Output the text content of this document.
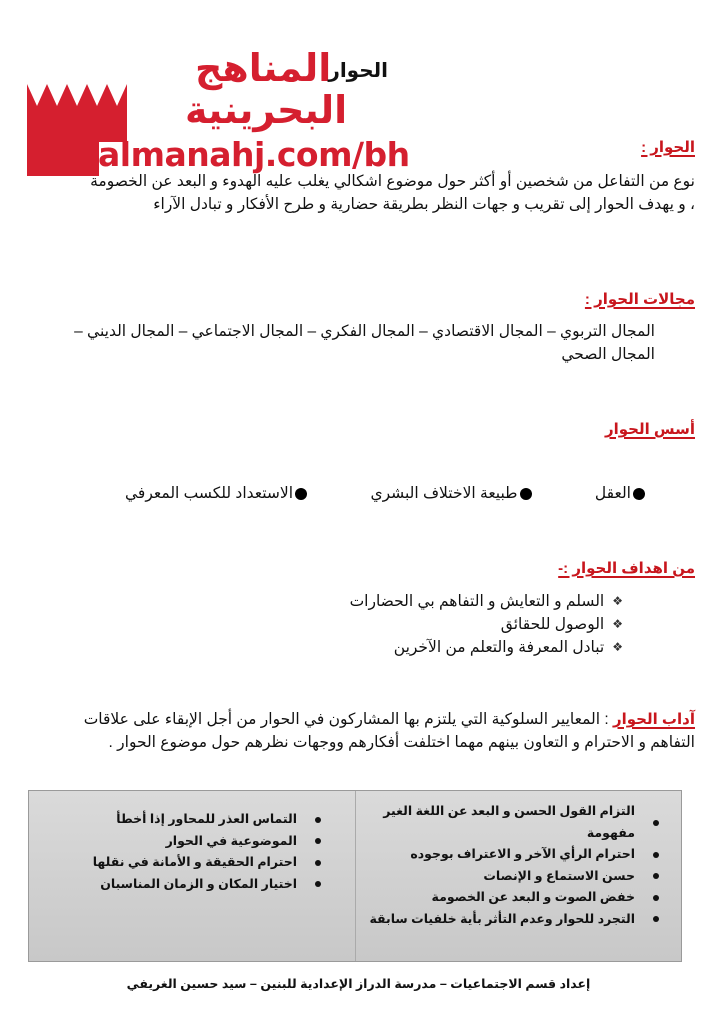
المناهج
البحرينية
almanahj.com/bh
الحوار
الحوار :
نوع من التفاعل من شخصين أو أكثر حول موضوع اشكالي يغلب عليه الهدوء و البعد عن الخصومة ، و يهدف الحوار إلى تقريب و جهات النظر بطريقة حضارية و طرح الأفكار و تبادل الآراء
مجالات الحوار :
المجال التربوي – المجال الاقتصادي – المجال الفكري – المجال الاجتماعي – المجال الديني – المجال الصحي
أسس الحوار
العقل
طبيعة الاختلاف البشري
الاستعداد للكسب المعرفي
من اهداف الحوار :-
❖
السلم و التعايش و التفاهم بي الحضارات
❖
الوصول للحقائق
❖
تبادل المعرفة والتعلم من الآخرين
آداب الحوار : المعايير السلوكية التي يلتزم بها المشاركون في الحوار من أجل الإبقاء على علاقات التفاهم و الاحترام و التعاون بينهم مهما اختلفت أفكارهم ووجهات نظرهم حول موضوع الحوار .
التزام القول الحسن و البعد عن اللغة الغير مفهومة
احترام الرأي الآخر و الاعتراف بوجوده
حسن الاستماع و الإنصات
خفض الصوت و البعد عن الخصومة
التجرد للحوار وعدم التأثر بأية خلفيات سابقة
التماس العذر للمحاور إذا أخطأ
الموضوعية في الحوار
احترام الحقيقة و الأمانة في نقلها
اختيار المكان و الزمان المناسبان
إعداد قسم الاجتماعيات – مدرسة الدراز الإعدادية للبنين – سيد حسين الغريفي
